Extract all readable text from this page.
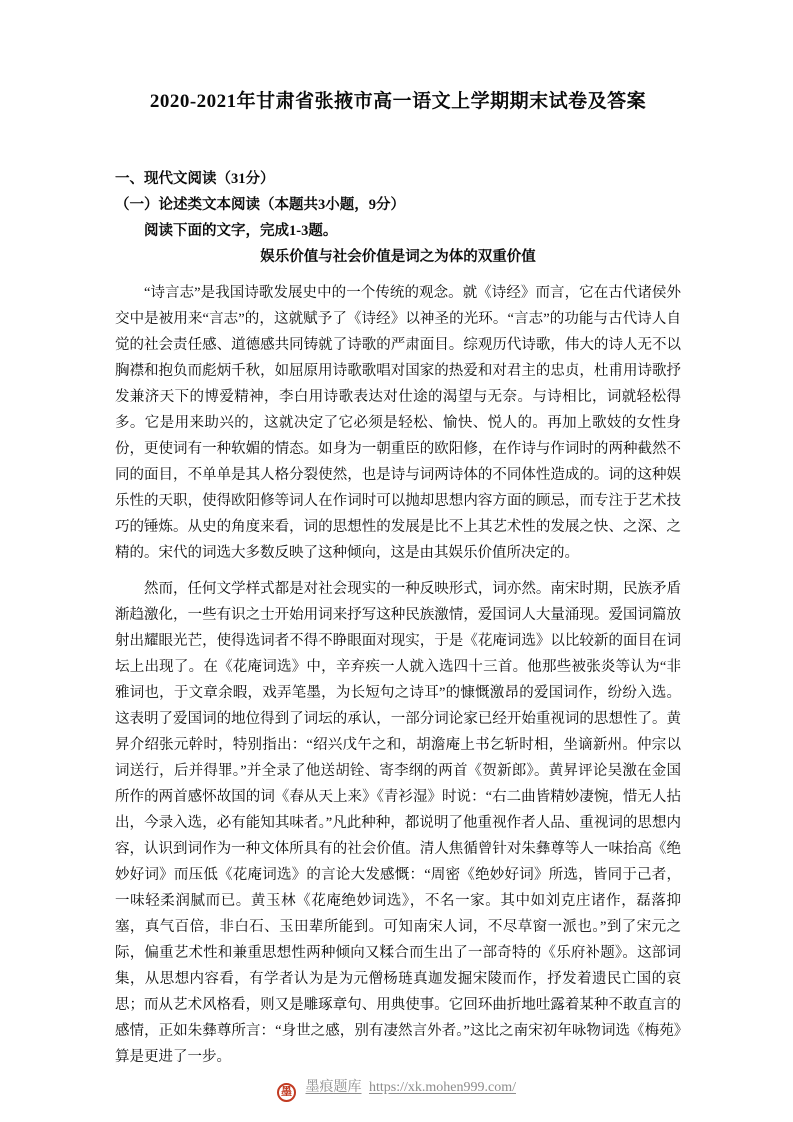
2020-2021年甘肃省张掖市高一语文上学期期末试卷及答案

一、现代文阅读（31分）

（一）论述类文本阅读（本题共3小题，9分）

阅读下面的文字，完成1-3题。

娱乐价值与社会价值是词之为体的双重价值

“诗言志”是我国诗歌发展史中的一个传统的观念。就《诗经》而言，它在古代诸侯外交中是被用来“言志”的，这就赋予了《诗经》以神圣的光环。“言志”的功能与古代诗人自觉的社会责任感、道德感共同铸就了诗歌的严肃面目。综观历代诗歌，伟大的诗人无不以胸襟和抱负而彪炳千秋，如屈原用诗歌歌唱对国家的热爱和对君主的忠贞，杜甫用诗歌抒发兼济天下的博爱精神，李白用诗歌表达对仕途的渴望与无奈。与诗相比，词就轻松得多。它是用来助兴的，这就决定了它必须是轻松、愉快、悦人的。再加上歌妓的女性身份，更使词有一种软媚的情态。如身为一朝重臣的欧阳修，在作诗与作词时的两种截然不同的面目，不单单是其人格分裂使然，也是诗与词两诗体的不同体性造成的。词的这种娱乐性的天职，使得欧阳修等词人在作词时可以抛却思想内容方面的顾忌，而专注于艺术技巧的锤炼。从史的角度来看，词的思想性的发展是比不上其艺术性的发展之快、之深、之精的。宋代的词选大多数反映了这种倾向，这是由其娱乐价值所决定的。

然而，任何文学样式都是对社会现实的一种反映形式，词亦然。南宋时期，民族矛盾渐趋激化，一些有识之士开始用词来抒写这种民族激情，爱国词人大量涌现。爱国词篇放射出耀眼光芒，使得选词者不得不睁眼面对现实，于是《花庵词选》以比较新的面目在词坛上出现了。在《花庵词选》中，辛弃疾一人就入选四十三首。他那些被张炎等认为“非雅词也，于文章余暇，戏弄笔墨，为长短句之诗耳”的慷慨激昂的爱国词作，纷纷入选。这表明了爱国词的地位得到了词坛的承认，一部分词论家已经开始重视词的思想性了。黄昇介绍张元幹时，特别指出：“绍兴戊午之和，胡澹庵上书乞斩时相，坐谪新州。仲宗以词送行，后并得罪。”并全录了他送胡铨、寄李纲的两首《贺新郎》。黄昇评论吴激在金国所作的两首感怀故国的词《春从天上来》《青衫湿》时说：“右二曲皆精妙凄惋，惜无人拈出，今录入选，必有能知其味者。”凡此种种，都说明了他重视作者人品、重视词的思想内容，认识到词作为一种文体所具有的社会价值。清人焦循曾针对朱彝尊等人一味抬高《绝妙好词》而压低《花庵词选》的言论大发感慨：“周密《绝妙好词》所选，皆同于己者，一味轻柔润腻而已。黄玉林《花庵绝妙词选》，不名一家。其中如刘克庄诸作，磊落抑塞，真气百倍，非白石、玉田辈所能到。可知南宋人词，不尽草窗一派也。”到了宋元之际，偏重艺术性和兼重思想性两种倾向又糅合而生出了一部奇特的《乐府补题》。这部词集，从思想内容看，有学者认为是为元僧杨琏真迦发掘宋陵而作，抒发着遗民亡国的哀思；而从艺术风格看，则又是雕琢章句、用典使事。它回环曲折地吐露着某种不敢直言的感情，正如朱彝尊所言：“身世之感，别有凄然言外者。”这比之南宋初年咏物词选《梅苑》算是更进了一步。

墨 墨痕题库 https://xk.mohen999.com/
